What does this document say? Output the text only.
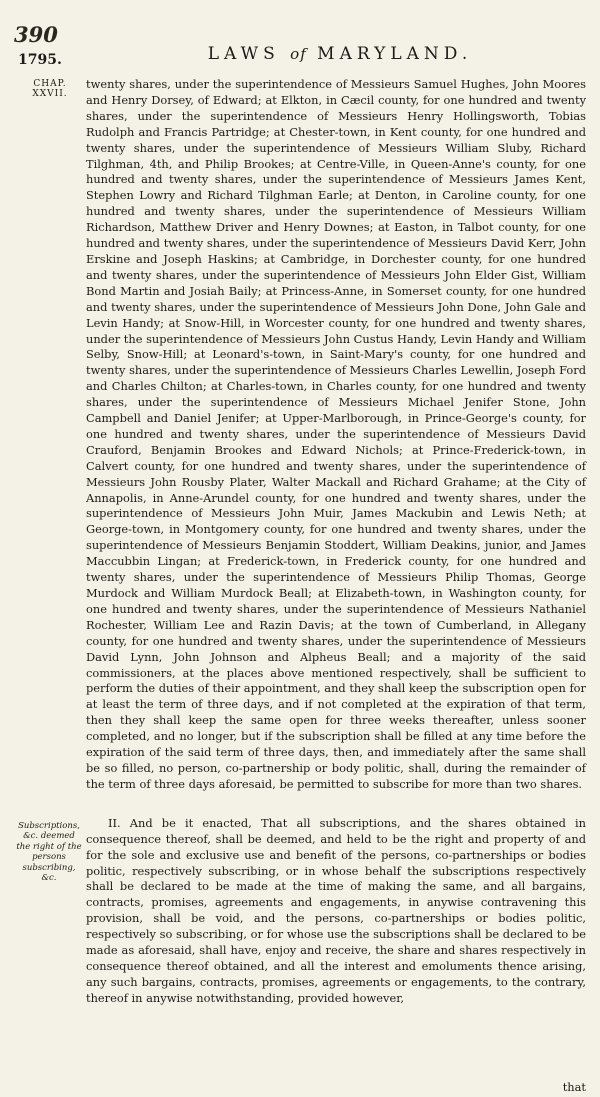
390
1795.	LAWS of MARYLAND.
CHAP. XXVII.

twenty shares, under the superintendence of Messieurs Samuel Hughes, John Moores and Henry Dorsey, of Edward; at Elkton, in Cæcil county, for one hundred and twenty shares, under the superintendence of Messieurs Henry Hollingsworth, Tobias Rudolph and Francis Partridge; at Chester-town, in Kent county, for one hundred and twenty shares, under the superintendence of Messieurs William Sluby, Richard Tilghman, 4th, and Philip Brookes; at Centre-Ville, in Queen-Anne's county, for one hundred and twenty shares, under the superintendence of Messieurs James Kent, Stephen Lowry and Richard Tilghman Earle; at Denton, in Caroline county, for one hundred and twenty shares, under the superintendence of Messieurs William Richardson, Matthew Driver and Henry Downes; at Easton, in Talbot county, for one hundred and twenty shares, under the superintendence of Messieurs David Kerr, John Erskine and Joseph Haskins; at Cambridge, in Dorchester county, for one hundred and twenty shares, under the superintendence of Messieurs John Elder Gist, William Bond Martin and Josiah Baily; at Princess-Anne, in Somerset county, for one hundred and twenty shares, under the superintendence of Messieurs John Done, John Gale and Levin Handy; at Snow-Hill, in Worcester county, for one hundred and twenty shares, under the superintendence of Messieurs John Custus Handy, Levin Handy and William Selby, Snow-Hill; at Leonard's-town, in Saint-Mary's county, for one hundred and twenty shares, under the superintendence of Messieurs Charles Lewellin, Joseph Ford and Charles Chilton; at Charles-town, in Charles county, for one hundred and twenty shares, under the superintendence of Messieurs Michael Jenifer Stone, John Campbell and Daniel Jenifer; at Upper-Marlborough, in Prince-George's county, for one hundred and twenty shares, under the superintendence of Messieurs David Crauford, Benjamin Brookes and Edward Nichols; at Prince-Frederick-town, in Calvert county, for one hundred and twenty shares, under the superintendence of Messieurs John Rousby Plater, Walter Mackall and Richard Grahame; at the City of Annapolis, in Anne-Arundel county, for one hundred and twenty shares, under the superintendence of Messieurs John Muir, James Mackubin and Lewis Neth; at George-town, in Montgomery county, for one hundred and twenty shares, under the superintendence of Messieurs Benjamin Stoddert, William Deakins, junior, and James Maccubbin Lingan; at Frederick-town, in Frederick county, for one hundred and twenty shares, under the superintendence of Messieurs Philip Thomas, George Murdock and William Murdock Beall; at Elizabeth-town, in Washington county, for one hundred and twenty shares, under the superintendence of Messieurs Nathaniel Rochester, William Lee and Razin Davis; at the town of Cumberland, in Allegany county, for one hundred and twenty shares, under the superintendence of Messieurs David Lynn, John Johnson and Alpheus Beall; and a majority of the said commissioners, at the places above mentioned respectively, shall be sufficient to perform the duties of their appointment, and they shall keep the subscription open for at least the term of three days, and if not completed at the expiration of that term, then they shall keep the same open for three weeks thereafter, unless sooner completed, and no longer, but if the subscription shall be filled at any time before the expiration of the said term of three days, then, and immediately after the same shall be so filled, no person, co-partnership or body politic, shall, during the remainder of the term of three days aforesaid, be permitted to subscribe for more than two shares.

II. And be it enacted, That all subscriptions, and the shares obtained in consequence thereof, shall be deemed, and held to be the right and property of and for the sole and exclusive use and benefit of the persons, co-partnerships or bodies politic, respectively subscribing, or in whose behalf the subscriptions respectively shall be declared to be made at the time of making the same, and all bargains, contracts, promises, agreements and engagements, in anywise contravening this provision, shall be void, and the persons, co-partnerships or bodies politic, respectively so subscribing, or for whose use the subscriptions shall be declared to be made as aforesaid, shall have, enjoy and receive, the share and shares respectively in consequence thereof obtained, and all the interest and emoluments thence arising, any such bargains, contracts, promises, agreements or engagements, to the contrary, thereof in anywise notwithstanding, provided however,

Subscriptions, &c. deemed the right of the persons subscribing, &c.
that
